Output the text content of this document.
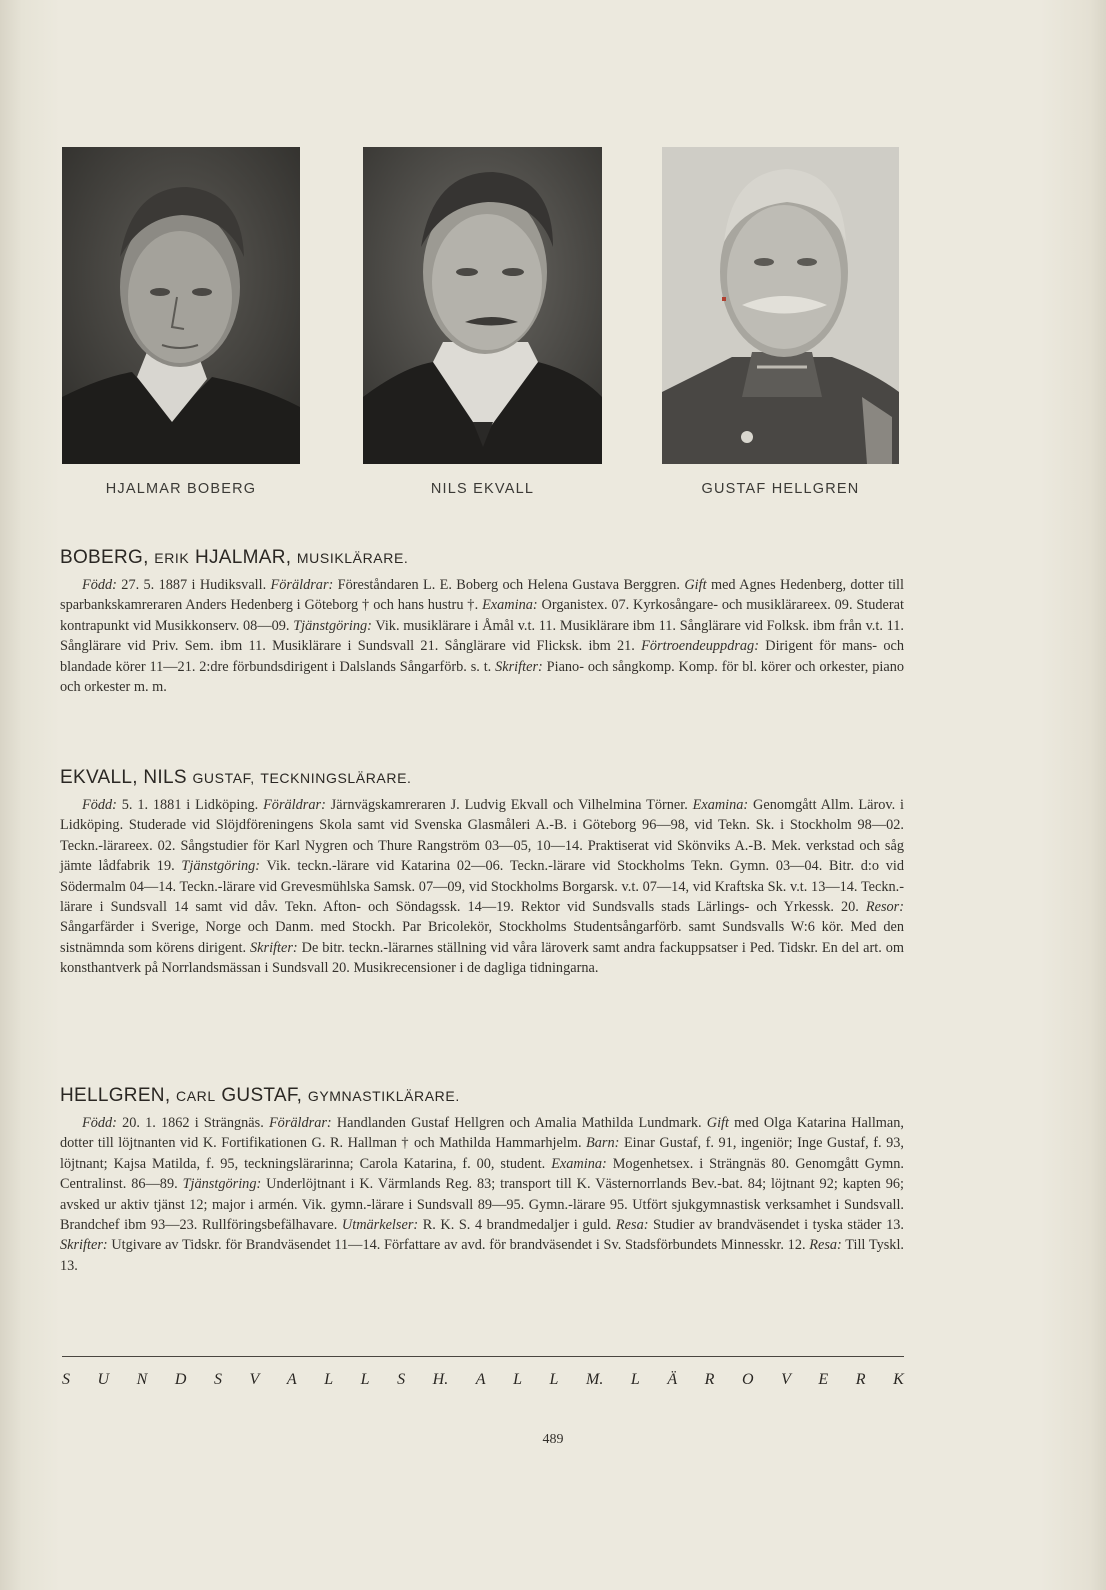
HJALMAR BOBERG	NILS EKVALL	GUSTAF HELLGREN
BOBERG, ERIK HJALMAR, MUSIKLÄRARE.
Född: 27. 5. 1887 i Hudiksvall. Föräldrar: Föreståndaren L. E. Boberg och Helena Gustava Berggren. Gift med Agnes Hedenberg, dotter till sparbankskamreraren Anders Hedenberg i Göteborg † och hans hustru †. Examina: Organistex. 07. Kyrkosångare- och musiklärareex. 09. Studerat kontrapunkt vid Musikkonserv. 08—09. Tjänstgöring: Vik. musiklärare i Åmål v.t. 11. Musiklärare ibm 11. Sånglärare vid Folksk. ibm från v.t. 11. Sånglärare vid Priv. Sem. ibm 11. Musiklärare i Sundsvall 21. Sånglärare vid Flicksk. ibm 21. Förtroendeuppdrag: Dirigent för mans- och blandade körer 11—21. 2:dre förbundsdirigent i Dalslands Sångarförb. s. t. Skrifter: Piano- och sångkomp. Komp. för bl. körer och orkester, piano och orkester m. m.
EKVALL, NILS GUSTAF, TECKNINGSLÄRARE.
Född: 5. 1. 1881 i Lidköping. Föräldrar: Järnvägskamreraren J. Ludvig Ekvall och Vilhelmina Törner. Examina: Genomgått Allm. Lärov. i Lidköping. Studerade vid Slöjdföreningens Skola samt vid Svenska Glasmåleri A.-B. i Göteborg 96—98, vid Tekn. Sk. i Stockholm 98—02. Teckn.-lärareex. 02. Sångstudier för Karl Nygren och Thure Rangström 03—05, 10—14. Praktiserat vid Skönviks A.-B. Mek. verkstad och såg jämte lådfabrik 19. Tjänstgöring: Vik. teckn.-lärare vid Katarina 02—06. Teckn.-lärare vid Stockholms Tekn. Gymn. 03—04. Bitr. d:o vid Södermalm 04—14. Teckn.-lärare vid Grevesmühlska Samsk. 07—09, vid Stockholms Borgarsk. v.t. 07—14, vid Kraftska Sk. v.t. 13—14. Teckn.-lärare i Sundsvall 14 samt vid dåv. Tekn. Afton- och Söndagssk. 14—19. Rektor vid Sundsvalls stads Lärlings- och Yrkessk. 20. Resor: Sångarfärder i Sverige, Norge och Danm. med Stockh. Par Bricolekör, Stockholms Studentsångarförb. samt Sundsvalls W:6 kör. Med den sistnämnda som körens dirigent. Skrifter: De bitr. teckn.-lärarnes ställning vid våra läroverk samt andra fackuppsatser i Ped. Tidskr. En del art. om konsthantverk på Norrlandsmässan i Sundsvall 20. Musikrecensioner i de dagliga tidningarna.
HELLGREN, CARL GUSTAF, GYMNASTIKLÄRARE.
Född: 20. 1. 1862 i Strängnäs. Föräldrar: Handlanden Gustaf Hellgren och Amalia Mathilda Lundmark. Gift med Olga Katarina Hallman, dotter till löjtnanten vid K. Fortifikationen G. R. Hallman † och Mathilda Hammarhjelm. Barn: Einar Gustaf, f. 91, ingeniör; Inge Gustaf, f. 93, löjtnant; Kajsa Matilda, f. 95, teckningslärarinna; Carola Katarina, f. 00, student. Examina: Mogenhetsex. i Strängnäs 80. Genomgått Gymn. Centralinst. 86—89. Tjänstgöring: Underlöjtnant i K. Värmlands Reg. 83; transport till K. Västernorrlands Bev.-bat. 84; löjtnant 92; kapten 96; avsked ur aktiv tjänst 12; major i armén. Vik. gymn.-lärare i Sundsvall 89—95. Gymn.-lärare 95. Utfört sjukgymnastisk verksamhet i Sundsvall. Brandchef ibm 93—23. Rullföringsbefälhavare. Utmärkelser: R. K. S. 4 brandmedaljer i guld. Resa: Studier av brandväsendet i tyska städer 13. Skrifter: Utgivare av Tidskr. för Brandväsendet 11—14. Författare av avd. för brandväsendet i Sv. Stadsförbundets Minnesskr. 12. Resa: Till Tyskl. 13.
S U N D S V A L L S H. A L L M. L Ä R O V E R K
489
